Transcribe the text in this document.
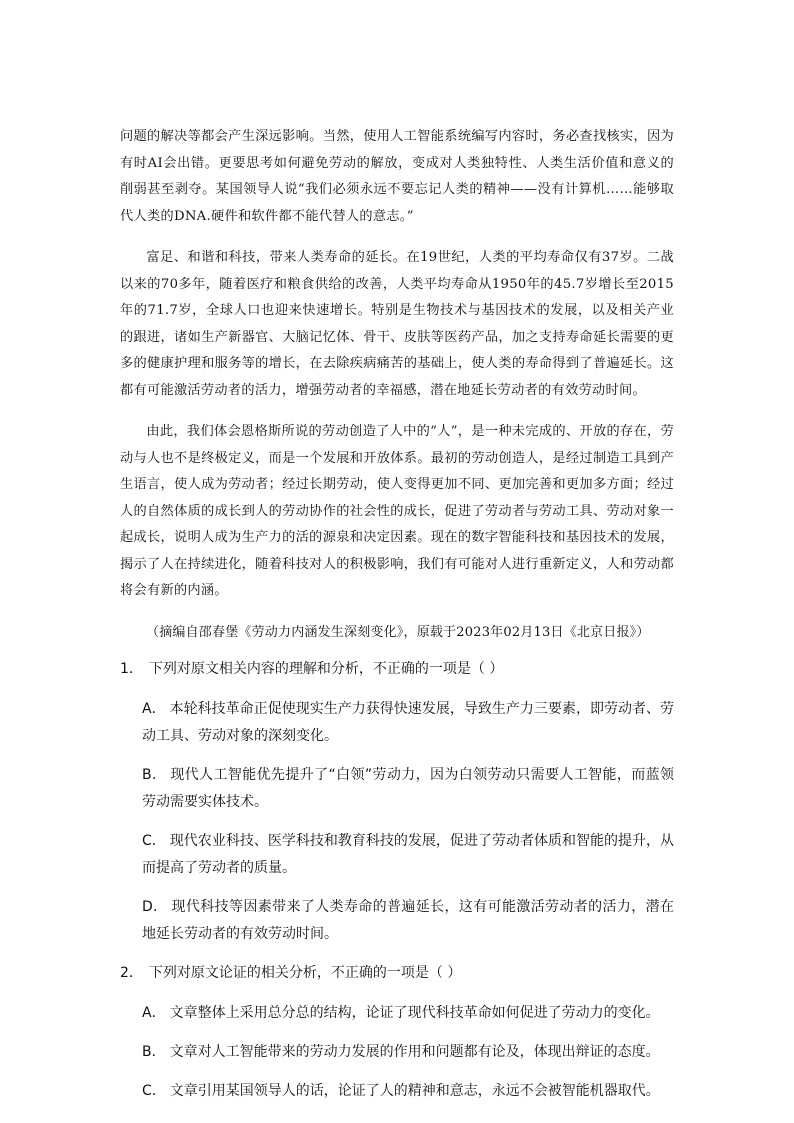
问题的解决等都会产生深远影响。当然，使用人工智能系统编写内容时，务必查找核实，因为有时AI会出错。更要思考如何避免劳动的解放，变成对人类独特性、人类生活价值和意义的削弱甚至剥夺。某国领导人说“我们必须永远不要忘记人类的精神——没有计算机……能够取代人类的DNA.硬件和软件都不能代替人的意志。”

富足、和谐和科技，带来人类寿命的延长。在19世纪，人类的平均寿命仅有37岁。二战以来的70多年，随着医疗和粮食供给的改善，人类平均寿命从1950年的45.7岁增长至2015年的71.7岁，全球人口也迎来快速增长。特别是生物技术与基因技术的发展，以及相关产业的跟进，诸如生产新器官、大脑记忆体、骨干、皮肤等医药产品，加之支持寿命延长需要的更多的健康护理和服务等的增长，在去除疾病痛苦的基础上，使人类的寿命得到了普遍延长。这都有可能激活劳动者的活力，增强劳动者的幸福感，潜在地延长劳动者的有效劳动时间。

由此，我们体会恩格斯所说的劳动创造了人中的“人”，是一种未完成的、开放的存在，劳动与人也不是终极定义，而是一个发展和开放体系。最初的劳动创造人，是经过制造工具到产生语言，使人成为劳动者；经过长期劳动，使人变得更加不同、更加完善和更加多方面；经过人的自然体质的成长到人的劳动协作的社会性的成长，促进了劳动者与劳动工具、劳动对象一起成长，说明人成为生产力的活的源泉和决定因素。现在的数字智能科技和基因技术的发展，揭示了人在持续进化，随着科技对人的积极影响，我们有可能对人进行重新定义，人和劳动都将会有新的内涵。

（摘编自邵春堡《劳动力内涵发生深刻变化》，原载于2023年02月13日《北京日报》）

1． 下列对原文相关内容的理解和分析，不正确的一项是（ ）
A． 本轮科技革命正促使现实生产力获得快速发展，导致生产力三要素，即劳动者、劳动工具、劳动对象的深刻变化。
B． 现代人工智能优先提升了“白领”劳动力，因为白领劳动只需要人工智能，而蓝领劳动需要实体技术。
C． 现代农业科技、医学科技和教育科技的发展，促进了劳动者体质和智能的提升，从而提高了劳动者的质量。
D． 现代科技等因素带来了人类寿命的普遍延长，这有可能激活劳动者的活力，潜在地延长劳动者的有效劳动时间。
2． 下列对原文论证的相关分析，不正确的一项是（ ）
A． 文章整体上采用总分总的结构，论证了现代科技革命如何促进了劳动力的变化。
B． 文章对人工智能带来的劳动力发展的作用和问题都有论及，体现出辩证的态度。
C． 文章引用某国领导人的话，论证了人的精神和意志，永远不会被智能机器取代。
